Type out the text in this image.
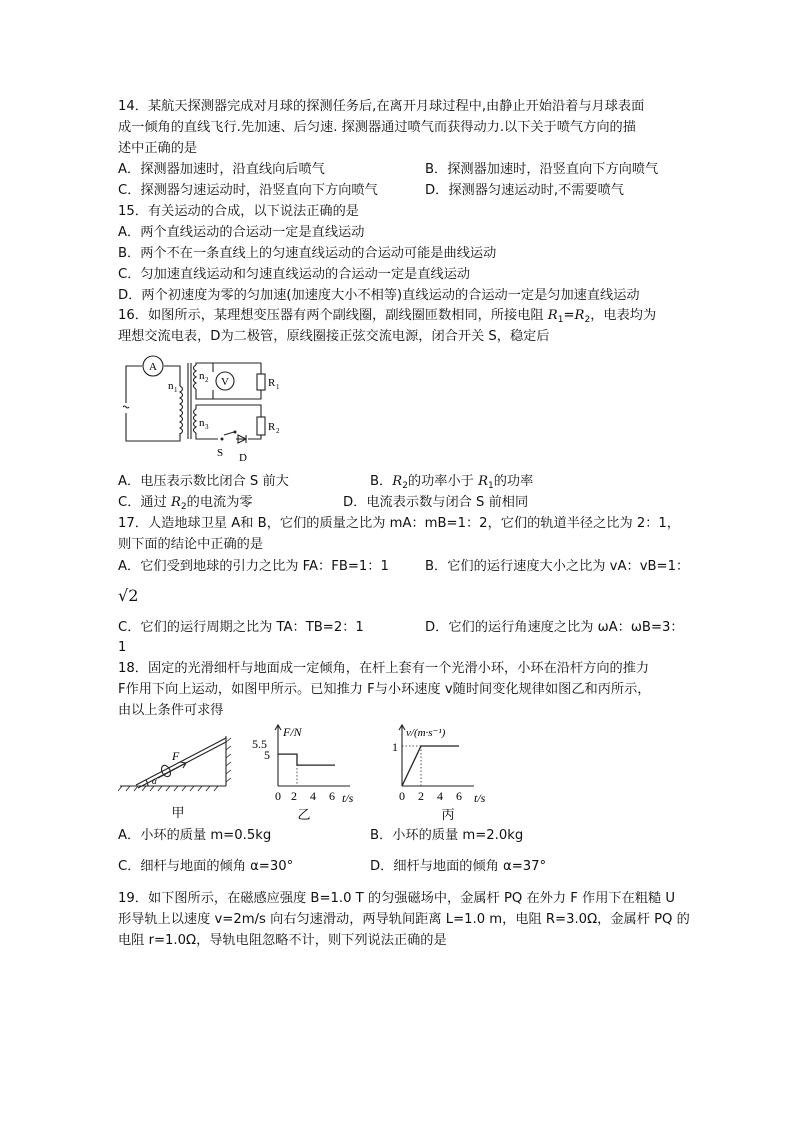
14．某航天探测器完成对月球的探测任务后,在离开月球过程中,由静止开始沿着与月球表面
成一倾角的直线飞行.先加速、后匀速. 探测器通过喷气而获得动力.以下关于喷气方向的描
述中正确的是
A．探测器加速时，沿直线向后喷气	B．探测器加速时，沿竖直向下方向喷气
C．探测器匀速运动时，沿竖直向下方向喷气	D．探测器匀速运动时,不需要喷气
15．有关运动的合成，以下说法正确的是
A．两个直线运动的合运动一定是直线运动
B．两个不在一条直线上的匀速直线运动的合运动可能是曲线运动
C．匀加速直线运动和匀速直线运动的合运动一定是直线运动
D．两个初速度为零的匀加速(加速度大小不相等)直线运动的合运动一定是匀加速直线运动
16．如图所示，某理想变压器有两个副线圈，副线圈匝数相同，所接电阻 $R_1=R_2$，电表均为
理想交流电表，D为二极管，原线圈接正弦交流电源，闭合开关 S，稳定后
A
V
n 1
n 2
n 3
R 1
R 2
S D
A．电压表示数比闭合 S 前大	B．$R_2$的功率小于 $R_1$的功率
C．通过 $R_2$的电流为零	D．电流表示数与闭合 S 前相同
17．人造地球卫星 A和 B，它们的质量之比为 mA：mB=1：2，它们的轨道半径之比为 2：1，
则下面的结论中正确的是
A．它们受到地球的引力之比为 FA：FB=1：1	B．它们的运行速度大小之比为 vA：vB=1：
√2
C．它们的运行周期之比为 TA：TB=2：1	D．它们的运行角速度之比为 ωA：ωB=3：
1
18．固定的光滑细杆与地面成一定倾角，在杆上套有一个光滑小环，小环在沿杆方向的推力
F作用下向上运动，如图甲所示。已知推力 F与小环速度 v随时间变化规律如图乙和丙所示，
由以上条件可求得
F
α
甲
F/N
5.5
5
0 2 4 6 t/s
乙
v/(m·s⁻¹)
1
0 2 4 6 t/s
丙
A．小环的质量 m=0.5kg	B．小环的质量 m=2.0kg
C．细杆与地面的倾角 α=30°	D．细杆与地面的倾角 α=37°
19．如下图所示，在磁感应强度 B=1.0 T 的匀强磁场中，金属杆 PQ 在外力 F 作用下在粗糙 U
形导轨上以速度 v=2m/s 向右匀速滑动，两导轨间距离 L=1.0 m，电阻 R=3.0Ω，金属杆 PQ 的
电阻 r=1.0Ω，导轨电阻忽略不计，则下列说法正确的是
